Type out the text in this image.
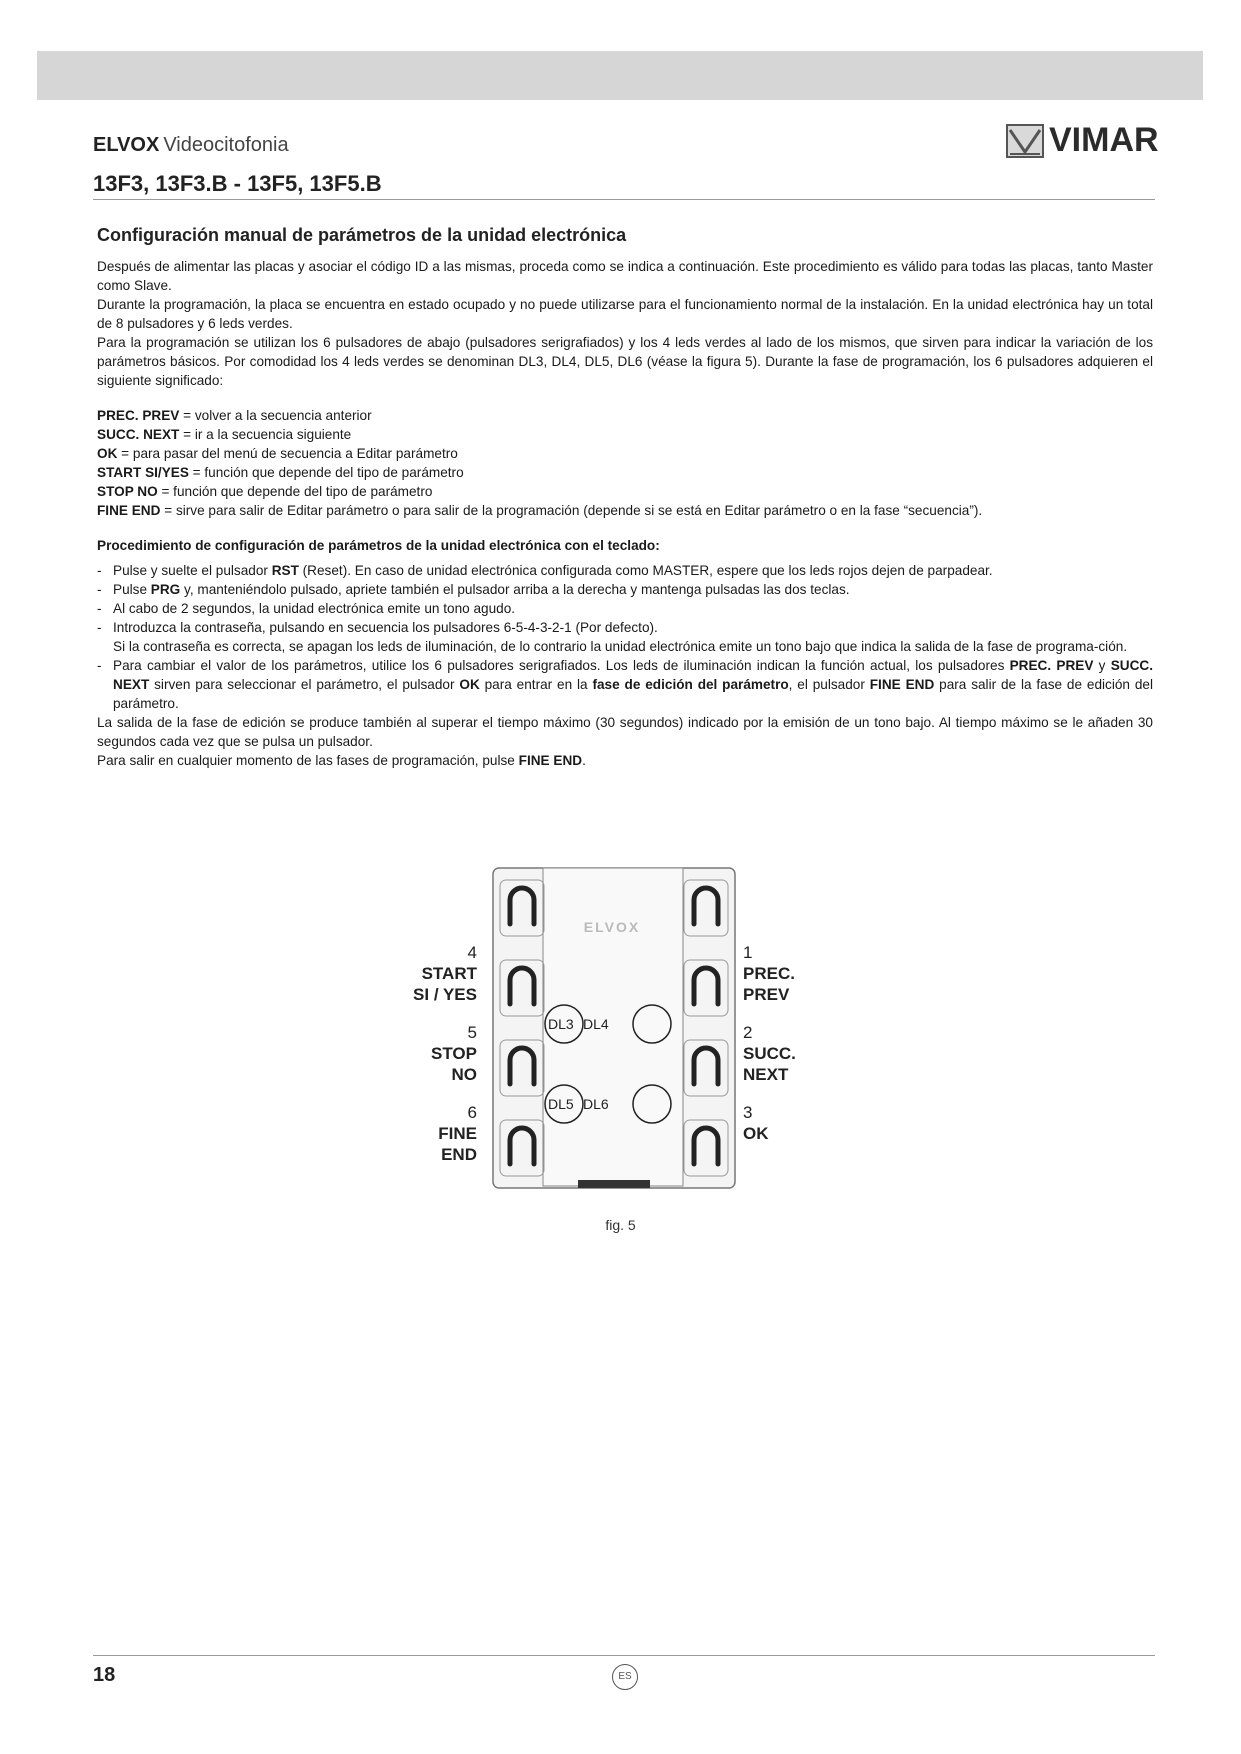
ELVOX Videocitofonia	VIMAR
13F3, 13F3.B - 13F5, 13F5.B
Configuración manual de parámetros de la unidad electrónica

Después de alimentar las placas y asociar el código ID a las mismas, proceda como se indica a continuación. Este procedimiento es válido para todas las placas, tanto Master como Slave.

Durante la programación, la placa se encuentra en estado ocupado y no puede utilizarse para el funcionamiento normal de la instalación. En la unidad electrónica hay un total de 8 pulsadores y 6 leds verdes.

Para la programación se utilizan los 6 pulsadores de abajo (pulsadores serigrafiados) y los 4 leds verdes al lado de los mismos, que sirven para indicar la variación de los parámetros básicos. Por comodidad los 4 leds verdes se denominan DL3, DL4, DL5, DL6 (véase la figura 5). Durante la fase de programación, los 6 pulsadores adquieren el siguiente significado:

PREC. PREV = volver a la secuencia anterior

SUCC. NEXT = ir a la secuencia siguiente

OK = para pasar del menú de secuencia a Editar parámetro

START SI/YES = función que depende del tipo de parámetro

STOP NO = función que depende del tipo de parámetro

FINE END = sirve para salir de Editar parámetro o para salir de la programación (depende si se está en Editar parámetro o en la fase “secuencia”).

Procedimiento de configuración de parámetros de la unidad electrónica con el teclado:
- Pulse y suelte el pulsador RST (Reset). En caso de unidad electrónica configurada como MASTER, espere que los leds rojos dejen de parpadear.
- Pulse PRG y, manteniéndolo pulsado, apriete también el pulsador arriba a la derecha y mantenga pulsadas las dos teclas.
- Al cabo de 2 segundos, la unidad electrónica emite un tono agudo.
- Introduzca la contraseña, pulsando en secuencia los pulsadores 6-5-4-3-2-1 (Por defecto).
Si la contraseña es correcta, se apagan los leds de iluminación, de lo contrario la unidad electrónica emite un tono bajo que indica la salida de la fase de programa-ción.
- Para cambiar el valor de los parámetros, utilice los 6 pulsadores serigrafiados. Los leds de iluminación indican la función actual, los pulsadores PREC. PREV y SUCC. NEXT sirven para seleccionar el parámetro, el pulsador OK para entrar en la fase de edición del parámetro, el pulsador FINE END para salir de la fase de edición del parámetro.

La salida de la fase de edición se produce también al superar el tiempo máximo (30 segundos) indicado por la emisión de un tono bajo. Al tiempo máximo se le añaden 30 segundos cada vez que se pulsa un pulsador.

Para salir en cualquier momento de las fases de programación, pulse FINE END.

ELVOX
DL3 DL4
DL5 DL6
4
START
SI / YES
5
STOP
NO
6
FINE
END
1
PREC.
PREV
2
SUCC.
NEXT
3
OK
fig. 5
18	ES
